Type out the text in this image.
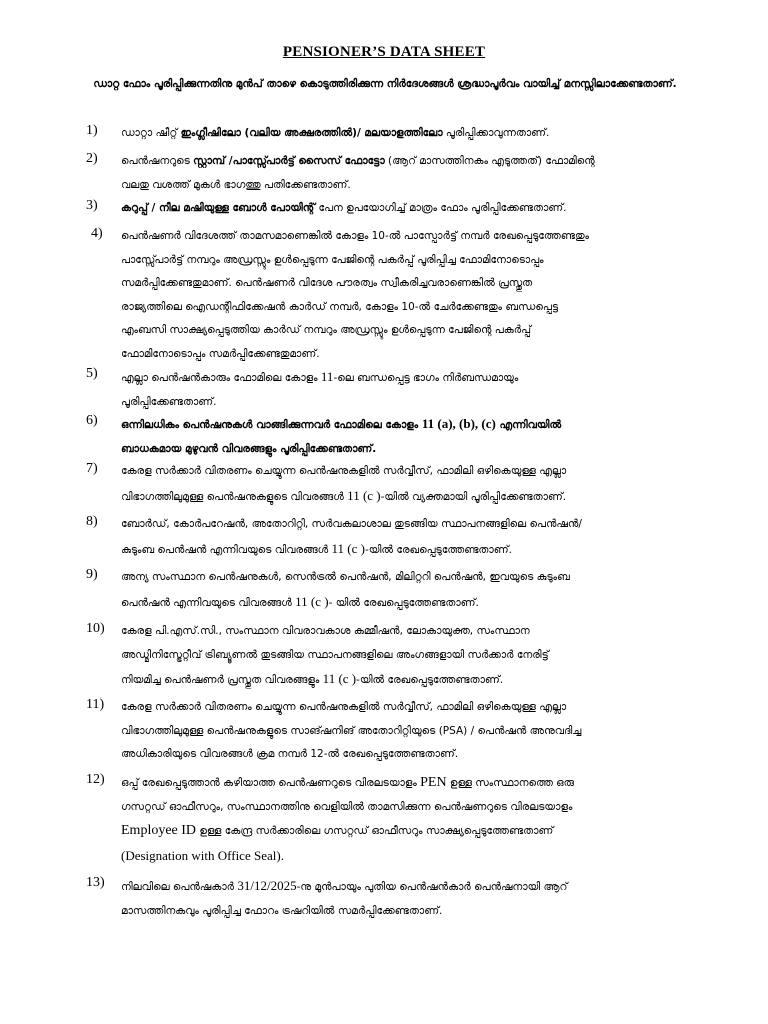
PENSIONER’S DATA SHEET
ഡാറ്റ ഫോം പൂരിപ്പിക്കുന്നതിനു മുൻപ് താഴെ കൊടുത്തിരിക്കുന്ന നിർദേശങ്ങൾ ശ്രദ്ധാപൂർവം വായിച്ച് മനസ്സിലാക്കേണ്ടതാണ്.
1) ഡാറ്റാ ഷീറ്റ് ഇംഗ്ലീഷിലോ (വലിയ അക്ഷരത്തിൽ)/ മലയാളത്തിലോ പൂരിപ്പിക്കാവുന്നതാണ്.
2) പെൻഷനറുടെ സ്റ്റാമ്പ് /പാസ്സ്പോർട്ട് സൈസ് ഫോട്ടോ (ആറ് മാസത്തിനകം എടുത്തത്) ഫോമിന്റെ
വലതു വശത്ത് മുകൾ ഭാഗത്തു പതിക്കേണ്ടതാണ്.
3) കറുപ്പ് / നീല മഷിയുള്ള ബോൾ പോയിന്റ് പേന ഉപയോഗിച്ച് മാത്രം ഫോം പൂരിപ്പിക്കേണ്ടതാണ്.
4) പെൻഷണർ വിദേശത്ത് താമസമാണെങ്കിൽ കോളം 10-ൽ പാസ്പോർട്ട് നമ്പർ രേഖപ്പെടുത്തേണ്ടതും
പാസ്സ്പോർട്ട് നമ്പറും അഡ്രസ്സും ഉൾപ്പെടുന്ന പേജിന്റെ പകർപ്പ് പൂരിപ്പിച്ച ഫോമിനോടൊപ്പം
സമർപ്പിക്കേണ്ടതുമാണ്. പെൻഷണർ വിദേശ പൗരത്വം സ്വീകരിച്ചവരാണെങ്കിൽ പ്രസ്തുത
രാജ്യത്തിലെ ഐഡന്റിഫിക്കേഷൻ കാർഡ് നമ്പർ, കോളം 10-ൽ ചേർക്കേണ്ടതും ബന്ധപ്പെട്ട
എംബസി സാക്ഷ്യപ്പെടുത്തിയ കാർഡ് നമ്പറും അഡ്രസ്സും ഉൾപ്പെടുന്ന പേജിന്റെ പകർപ്പ്
ഫോമിനോടൊപ്പം സമർപ്പിക്കേണ്ടതുമാണ്.
5) എല്ലാ പെൻഷൻകാരും ഫോമിലെ കോളം 11-ലെ ബന്ധപ്പെട്ട ഭാഗം നിർബന്ധമായും
പൂരിപ്പിക്കേണ്ടതാണ്.
6) ഒന്നിലധികം പെൻഷനുകൾ വാങ്ങിക്കുന്നവർ ഫോമിലെ കോളം 11 (a), (b), (c) എന്നിവയിൽ
ബാധകമായ മുഴുവൻ വിവരങ്ങളും പൂരിപ്പിക്കേണ്ടതാണ്.
7) കേരള സർക്കാർ വിതരണം ചെയ്യുന്ന പെൻഷനുകളിൽ സർവ്വീസ്, ഫാമിലി ഒഴികെയുള്ള എല്ലാ
വിഭാഗത്തിലുമുള്ള പെൻഷനുകളുടെ വിവരങ്ങൾ 11 (c )-യിൽ വ്യക്തമായി പൂരിപ്പിക്കേണ്ടതാണ്.
8) ബോർഡ്, കോർപറേഷൻ, അതോറിറ്റി, സർവകലാശാല തുടങ്ങിയ സ്ഥാപനങ്ങളിലെ പെൻഷൻ/
കുടുംബ പെൻഷൻ എന്നിവയുടെ വിവരങ്ങൾ 11 (c )-യിൽ രേഖപ്പെടുത്തേണ്ടതാണ്.
9) അന്യ സംസ്ഥാന പെൻഷനുകൾ, സെൻട്രൽ പെൻഷൻ, മിലിറ്ററി പെൻഷൻ, ഇവയുടെ കുടുംബ
പെൻഷൻ എന്നിവയുടെ വിവരങ്ങൾ 11 (c )- യിൽ രേഖപ്പെടുത്തേണ്ടതാണ്.
10) കേരള പി.എസ്.സി., സംസ്ഥാന വിവരാവകാശ കമ്മീഷൻ, ലോകായുക്ത, സംസ്ഥാന
അഡ്മിനിസ്ട്രേറ്റീവ് ട്രിബ്യൂണൽ തുടങ്ങിയ സ്ഥാപനങ്ങളിലെ അംഗങ്ങളായി സർക്കാർ നേരിട്ട്
നിയമിച്ച പെൻഷണർ പ്രസ്തുത വിവരങ്ങളും 11 (c )-യിൽ രേഖപ്പെടുത്തേണ്ടതാണ്.
11) കേരള സർക്കാർ വിതരണം ചെയ്യുന്ന പെൻഷനുകളിൽ സർവ്വീസ്, ഫാമിലി ഒഴികെയുള്ള എല്ലാ
വിഭാഗത്തിലുമുള്ള പെൻഷനുകളുടെ സാങ്ഷനിങ് അതോറിറ്റിയുടെ (PSA) / പെൻഷൻ അനുവദിച്ച
അധികാരിയുടെ വിവരങ്ങൾ ക്രമ നമ്പർ 12-ൽ രേഖപ്പെടുത്തേണ്ടതാണ്.
12) ഒപ്പ് രേഖപ്പെടുത്താൻ കഴിയാത്ത പെൻഷണറുടെ വിരലടയാളം PEN ഉള്ള സംസ്ഥാനത്തെ ഒരു
ഗസറ്റഡ് ഓഫീസറും, സംസ്ഥാനത്തിനു വെളിയിൽ താമസിക്കുന്ന പെൻഷണറുടെ വിരലടയാളം
Employee ID ഉള്ള കേന്ദ്ര സർക്കാരിലെ ഗസറ്റഡ് ഓഫീസറും സാക്ഷ്യപ്പെടുത്തേണ്ടതാണ്
(Designation with Office Seal).
13) നിലവിലെ പെൻഷകാർ 31/12/2025-നു മുൻപായും പുതിയ പെൻഷൻകാർ പെൻഷനായി ആറ്
മാസത്തിനകവും പൂരിപ്പിച്ച ഫോറം ട്രഷറിയിൽ സമർപ്പിക്കേണ്ടതാണ്.
